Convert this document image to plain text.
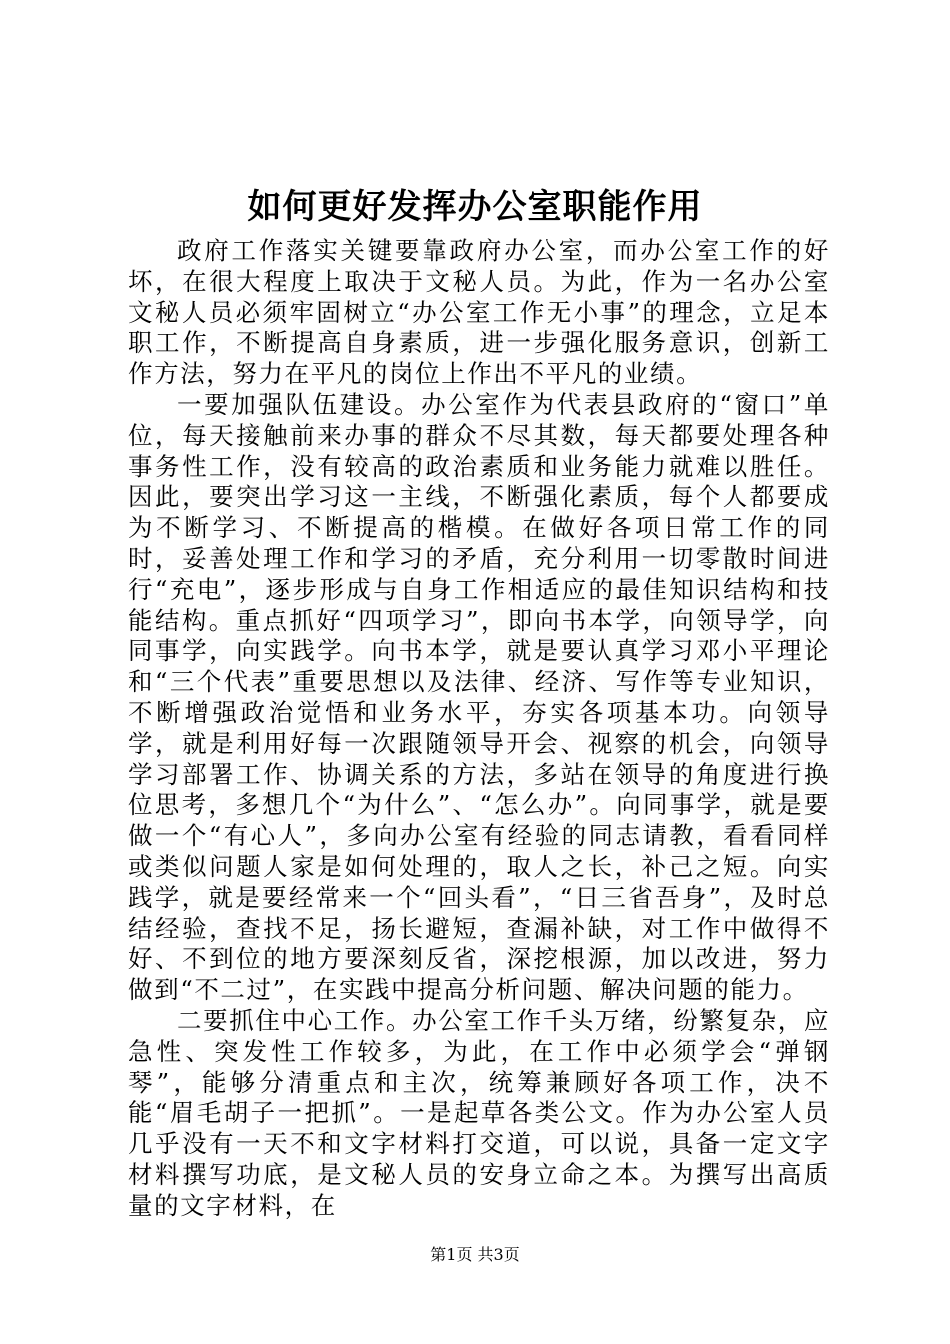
如何更好发挥办公室职能作用

政府工作落实关键要靠政府办公室，而办公室工作的好坏，在很大程度上取决于文秘人员。为此，作为一名办公室文秘人员必须牢固树立“办公室工作无小事”的理念，立足本职工作，不断提高自身素质，进一步强化服务意识，创新工作方法，努力在平凡的岗位上作出不平凡的业绩。

一要加强队伍建设。办公室作为代表县政府的“窗口”单位，每天接触前来办事的群众不尽其数，每天都要处理各种事务性工作，没有较高的政治素质和业务能力就难以胜任。因此，要突出学习这一主线，不断强化素质，每个人都要成为不断学习、不断提高的楷模。在做好各项日常工作的同时，妥善处理工作和学习的矛盾，充分利用一切零散时间进行“充电”，逐步形成与自身工作相适应的最佳知识结构和技能结构。重点抓好“四项学习”，即向书本学，向领导学，向同事学，向实践学。向书本学，就是要认真学习邓小平理论和“三个代表”重要思想以及法律、经济、写作等专业知识，不断增强政治觉悟和业务水平，夯实各项基本功。向领导学，就是利用好每一次跟随领导开会、视察的机会，向领导学习部署工作、协调关系的方法，多站在领导的角度进行换位思考，多想几个“为什么”、“怎么办”。向同事学，就是要做一个“有心人”，多向办公室有经验的同志请教，看看同样或类似问题人家是如何处理的，取人之长，补己之短。向实践学，就是要经常来一个“回头看”，“日三省吾身”，及时总结经验，查找不足，扬长避短，查漏补缺，对工作中做得不好、不到位的地方要深刻反省，深挖根源，加以改进，努力做到“不二过”，在实践中提高分析问题、解决问题的能力。

二要抓住中心工作。办公室工作千头万绪，纷繁复杂，应急性、突发性工作较多，为此，在工作中必须学会“弹钢琴”，能够分清重点和主次，统筹兼顾好各项工作，决不能“眉毛胡子一把抓”。一是起草各类公文。作为办公室人员几乎没有一天不和文字材料打交道，可以说，具备一定文字材料撰写功底，是文秘人员的安身立命之本。为撰写出高质量的文字材料，在

第1页 共3页
